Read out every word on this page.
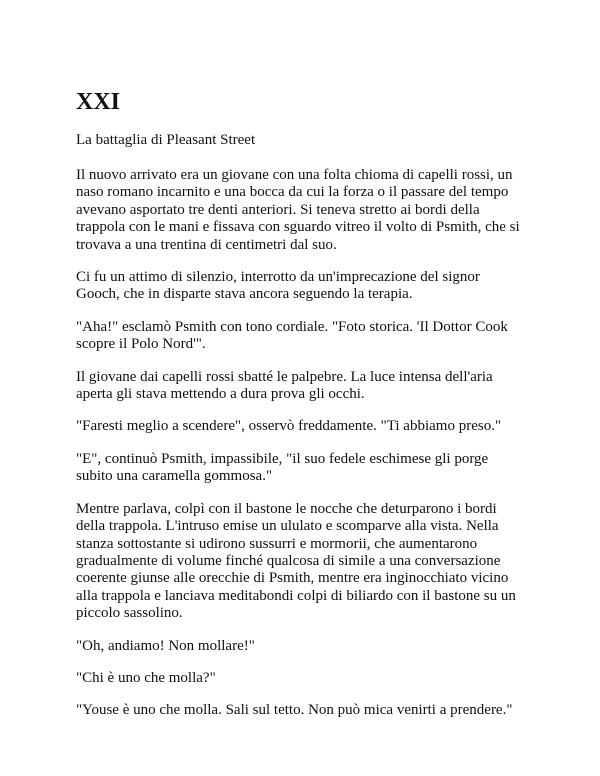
XXI

La battaglia di Pleasant Street

Il nuovo arrivato era un giovane con una folta chioma di capelli rossi, un naso romano incarnito e una bocca da cui la forza o il passare del tempo avevano asportato tre denti anteriori. Si teneva stretto ai bordi della trappola con le mani e fissava con sguardo vitreo il volto di Psmith, che si trovava a una trentina di centimetri dal suo.

Ci fu un attimo di silenzio, interrotto da un'imprecazione del signor Gooch, che in disparte stava ancora seguendo la terapia.

"Aha!" esclamò Psmith con tono cordiale. "Foto storica. 'Il Dottor Cook scopre il Polo Nord'".

Il giovane dai capelli rossi sbatté le palpebre. La luce intensa dell'aria aperta gli stava mettendo a dura prova gli occhi.

"Faresti meglio a scendere", osservò freddamente. "Ti abbiamo preso."

"E", continuò Psmith, impassibile, "il suo fedele eschimese gli porge subito una caramella gommosa."

Mentre parlava, colpì con il bastone le nocche che deturparono i bordi della trappola. L'intruso emise un ululato e scomparve alla vista. Nella stanza sottostante si udirono sussurri e mormorii, che aumentarono gradualmente di volume finché qualcosa di simile a una conversazione coerente giunse alle orecchie di Psmith, mentre era inginocchiato vicino alla trappola e lanciava meditabondi colpi di biliardo con il bastone su un piccolo sassolino.

"Oh, andiamo! Non mollare!"

"Chi è uno che molla?"

"Youse è uno che molla. Sali sul tetto. Non può mica venirti a prendere."
